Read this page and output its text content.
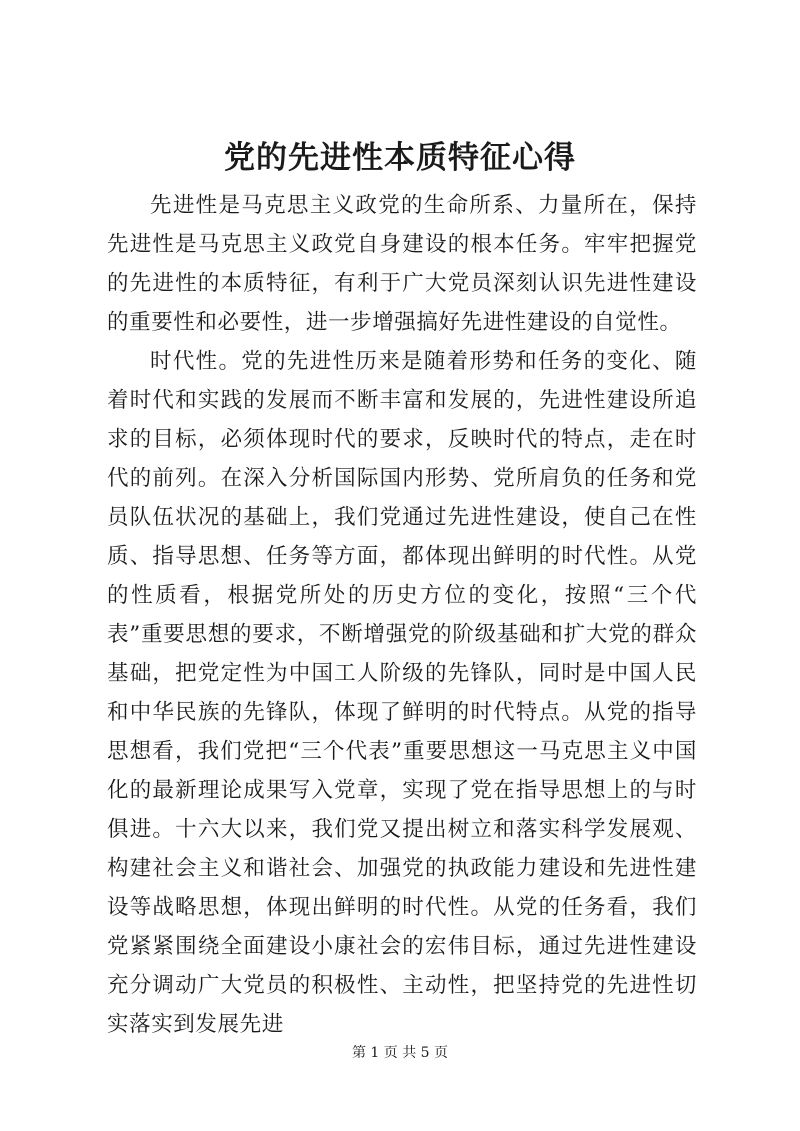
党的先进性本质特征心得

先进性是马克思主义政党的生命所系、力量所在，保持先进性是马克思主义政党自身建设的根本任务。牢牢把握党的先进性的本质特征，有利于广大党员深刻认识先进性建设的重要性和必要性，进一步增强搞好先进性建设的自觉性。

时代性。党的先进性历来是随着形势和任务的变化、随着时代和实践的发展而不断丰富和发展的，先进性建设所追求的目标，必须体现时代的要求，反映时代的特点，走在时代的前列。在深入分析国际国内形势、党所肩负的任务和党员队伍状况的基础上，我们党通过先进性建设，使自己在性质、指导思想、任务等方面，都体现出鲜明的时代性。从党的性质看，根据党所处的历史方位的变化，按照“三个代表”重要思想的要求，不断增强党的阶级基础和扩大党的群众基础，把党定性为中国工人阶级的先锋队，同时是中国人民和中华民族的先锋队，体现了鲜明的时代特点。从党的指导思想看，我们党把“三个代表”重要思想这一马克思主义中国化的最新理论成果写入党章，实现了党在指导思想上的与时俱进。十六大以来，我们党又提出树立和落实科学发展观、构建社会主义和谐社会、加强党的执政能力建设和先进性建设等战略思想，体现出鲜明的时代性。从党的任务看，我们党紧紧围绕全面建设小康社会的宏伟目标，通过先进性建设充分调动广大党员的积极性、主动性，把坚持党的先进性切实落实到发展先进

第 1 页 共 5 页
